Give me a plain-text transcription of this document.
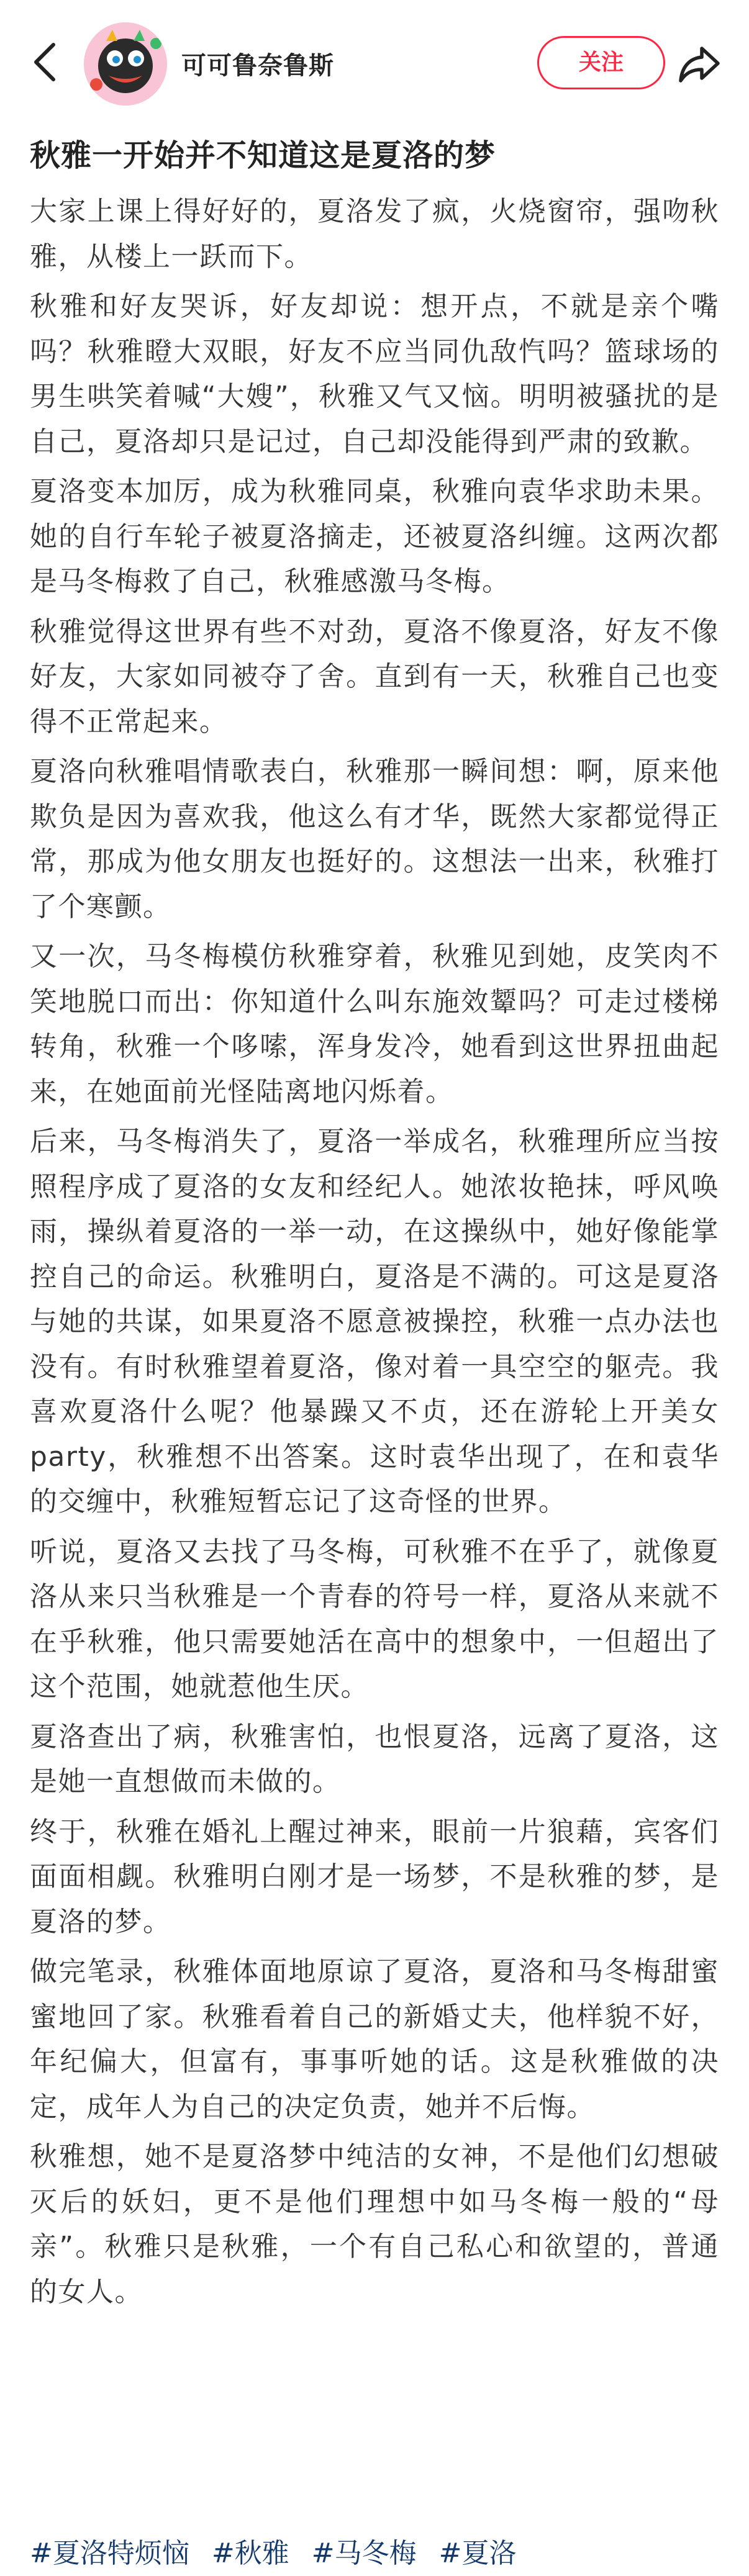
可可鲁奈鲁斯	关注
秋雅一开始并不知道这是夏洛的梦

大家上课上得好好的，夏洛发了疯，火烧窗帘，强吻秋雅，从楼上一跃而下。

秋雅和好友哭诉，好友却说：想开点，不就是亲个嘴吗？秋雅瞪大双眼，好友不应当同仇敌忾吗？篮球场的男生哄笑着喊“大嫂”，秋雅又气又恼。明明被骚扰的是自己，夏洛却只是记过，自己却没能得到严肃的致歉。

夏洛变本加厉，成为秋雅同桌，秋雅向袁华求助未果。她的自行车轮子被夏洛摘走，还被夏洛纠缠。这两次都是马冬梅救了自己，秋雅感激马冬梅。

秋雅觉得这世界有些不对劲，夏洛不像夏洛，好友不像好友，大家如同被夺了舍。直到有一天，秋雅自己也变得不正常起来。

夏洛向秋雅唱情歌表白，秋雅那一瞬间想：啊，原来他欺负是因为喜欢我，他这么有才华，既然大家都觉得正常，那成为他女朋友也挺好的。这想法一出来，秋雅打了个寒颤。

又一次，马冬梅模仿秋雅穿着，秋雅见到她，皮笑肉不笑地脱口而出：你知道什么叫东施效颦吗？可走过楼梯转角，秋雅一个哆嗦，浑身发冷，她看到这世界扭曲起来，在她面前光怪陆离地闪烁着。

后来，马冬梅消失了，夏洛一举成名，秋雅理所应当按照程序成了夏洛的女友和经纪人。她浓妆艳抹，呼风唤雨，操纵着夏洛的一举一动，在这操纵中，她好像能掌控自己的命运。秋雅明白，夏洛是不满的。可这是夏洛与她的共谋，如果夏洛不愿意被操控，秋雅一点办法也没有。有时秋雅望着夏洛，像对着一具空空的躯壳。我喜欢夏洛什么呢？他暴躁又不贞，还在游轮上开美女party，秋雅想不出答案。这时袁华出现了，在和袁华的交缠中，秋雅短暂忘记了这奇怪的世界。

听说，夏洛又去找了马冬梅，可秋雅不在乎了，就像夏洛从来只当秋雅是一个青春的符号一样，夏洛从来就不在乎秋雅，他只需要她活在高中的想象中，一但超出了这个范围，她就惹他生厌。

夏洛查出了病，秋雅害怕，也恨夏洛，远离了夏洛，这是她一直想做而未做的。

终于，秋雅在婚礼上醒过神来，眼前一片狼藉，宾客们面面相觑。秋雅明白刚才是一场梦，不是秋雅的梦，是夏洛的梦。

做完笔录，秋雅体面地原谅了夏洛，夏洛和马冬梅甜蜜蜜地回了家。秋雅看着自己的新婚丈夫，他样貌不好，年纪偏大，但富有，事事听她的话。这是秋雅做的决定，成年人为自己的决定负责，她并不后悔。

秋雅想，她不是夏洛梦中纯洁的女神，不是他们幻想破灭后的妖妇，更不是他们理想中如马冬梅一般的“母亲”。秋雅只是秋雅，一个有自己私心和欲望的，普通的女人。

#夏洛特烦恼 #秋雅 #马冬梅 #夏洛
